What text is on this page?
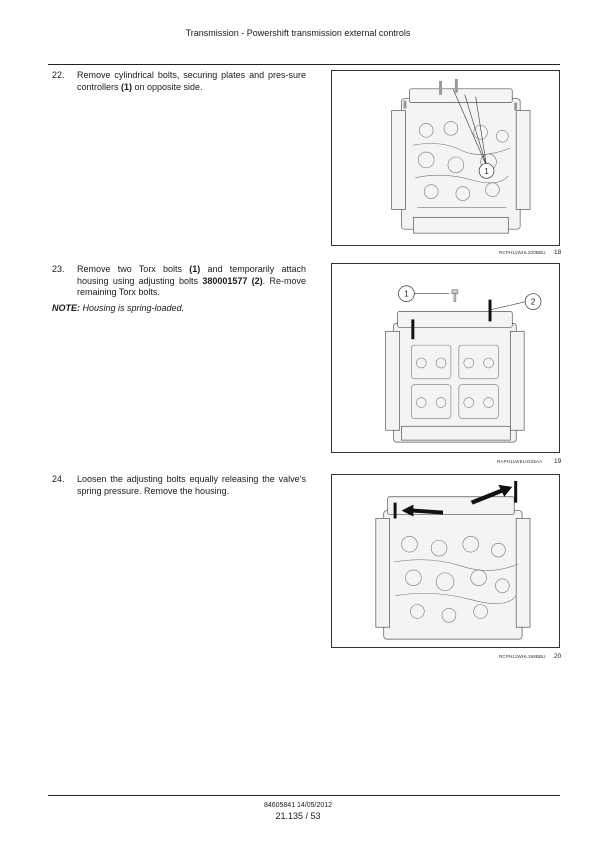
Transmission - Powershift transmission external controls
22. Remove cylindrical bolts, securing plates and pres-sure controllers (1) on opposite side.
23. Remove two Torx bolts (1) and temporarily attach housing using adjusting bolts 380001577 (2). Re-move remaining Torx bolts.
NOTE: Housing is spring-loaded.
24. Loosen the adjusting bolts equally releasing the valve’s spring pressure. Remove the housing.
1
RCPH11WHL200BBU 18
1
2
RAPH11WEL0325AA 19
RCPH11WHL198BBU 20
84605841 14/05/2012
21.135 / 53
